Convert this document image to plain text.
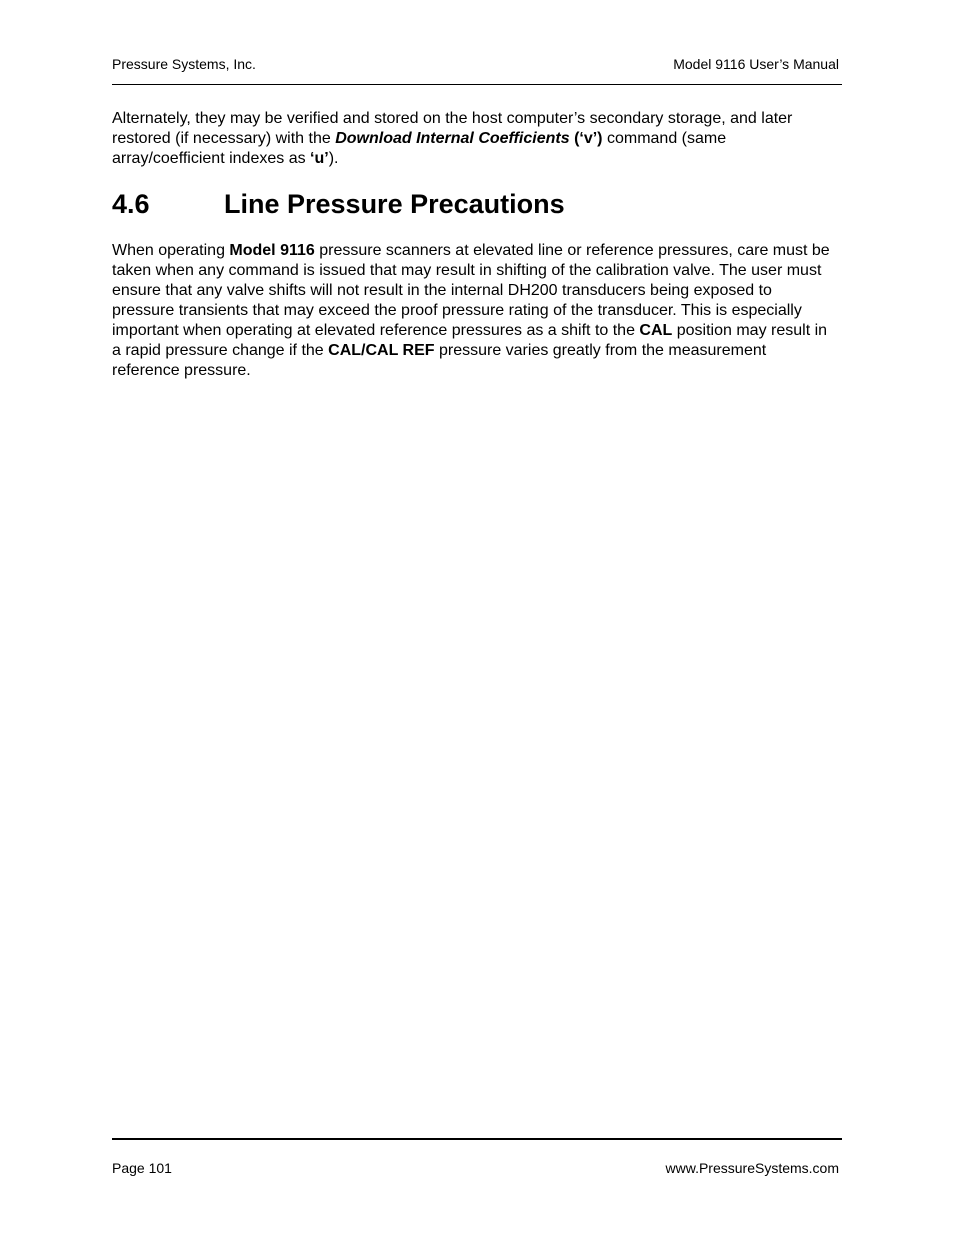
Pressure Systems, Inc.	Model 9116 User’s Manual

Alternately, they may be verified and stored on the host computer’s secondary storage, and later restored (if necessary) with the Download Internal Coefficients (‘v’) command (same array/coefficient indexes as ‘u’).

4.6	Line Pressure Precautions

When operating Model 9116 pressure scanners at elevated line or reference pressures, care must be taken when any command is issued that may result in shifting of the calibration valve. The user must ensure that any valve shifts will not result in the internal DH200 transducers being exposed to pressure transients that may exceed the proof pressure rating of the transducer. This is especially important when operating at elevated reference pressures as a shift to the CAL position may result in a rapid pressure change if the CAL/CAL REF pressure varies greatly from the measurement reference pressure.

Page 101	www.PressureSystems.com
